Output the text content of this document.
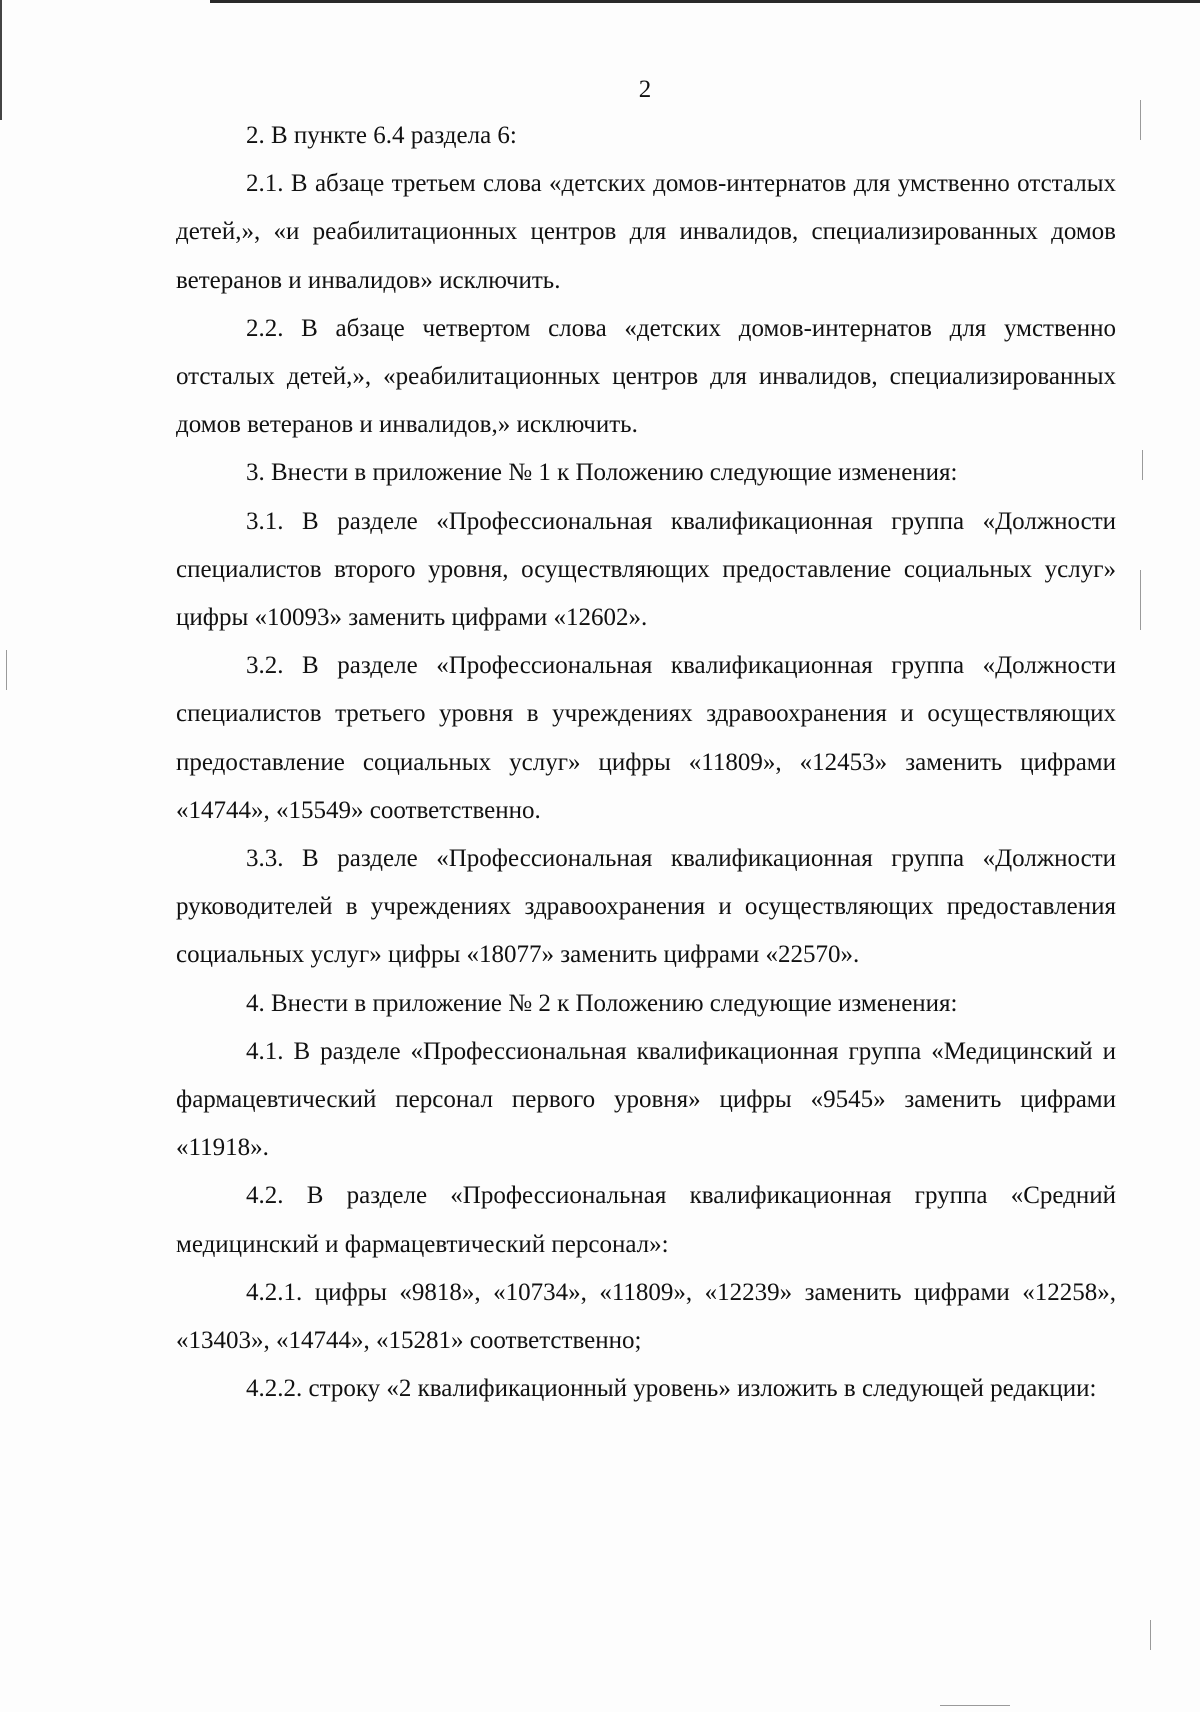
2

2. В пункте 6.4 раздела 6:

2.1. В абзаце третьем слова «детских домов-интернатов для умственно отсталых детей,», «и реабилитационных центров для инвалидов, специализированных домов ветеранов и инвалидов» исключить.

2.2. В абзаце четвертом слова «детских домов-интернатов для умственно отсталых детей,», «реабилитационных центров для инвалидов, специализированных домов ветеранов и инвалидов,» исключить.

3. Внести в приложение № 1 к Положению следующие изменения:

3.1. В разделе «Профессиональная квалификационная группа «Должности специалистов второго уровня, осуществляющих предоставление социальных услуг» цифры «10093» заменить цифрами «12602».

3.2. В разделе «Профессиональная квалификационная группа «Должности специалистов третьего уровня в учреждениях здравоохранения и осуществляющих предоставление социальных услуг» цифры «11809», «12453» заменить цифрами «14744», «15549» соответственно.

3.3. В разделе «Профессиональная квалификационная группа «Должности руководителей в учреждениях здравоохранения и осуществляющих предоставления социальных услуг» цифры «18077» заменить цифрами «22570».

4. Внести в приложение № 2 к Положению следующие изменения:

4.1. В разделе «Профессиональная квалификационная группа «Медицинский и фармацевтический персонал первого уровня» цифры «9545» заменить цифрами «11918».

4.2. В разделе «Профессиональная квалификационная группа «Средний медицинский и фармацевтический персонал»:

4.2.1. цифры «9818», «10734», «11809», «12239» заменить цифрами «12258», «13403», «14744», «15281» соответственно;

4.2.2. строку «2 квалификационный уровень» изложить в следующей редакции:
